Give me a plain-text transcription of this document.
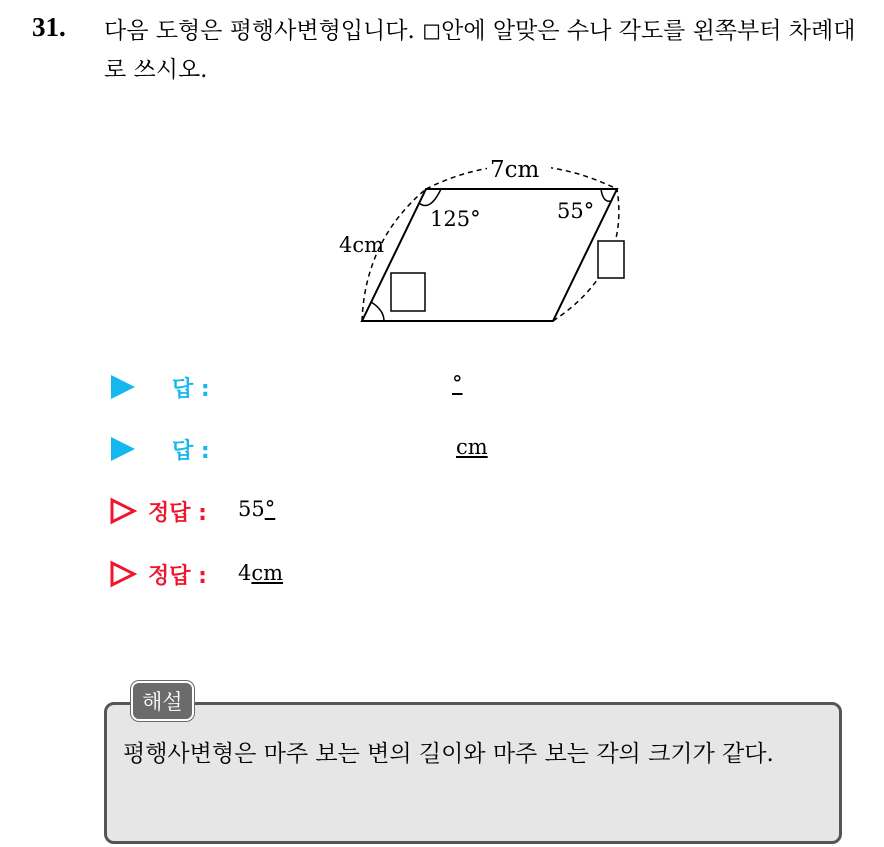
31. 다음 도형은 평행사변형입니다. ◻안에 알맞은 수나 각도를 왼쪽부터 차례대로 쓰시오.
7cm
4cm
125°	55°
답 :	°
답 :	cm
정답 : 55°
정답 : 4cm
해설
평행사변형은 마주 보는 변의 길이와 마주 보는 각의 크기가 같다.
